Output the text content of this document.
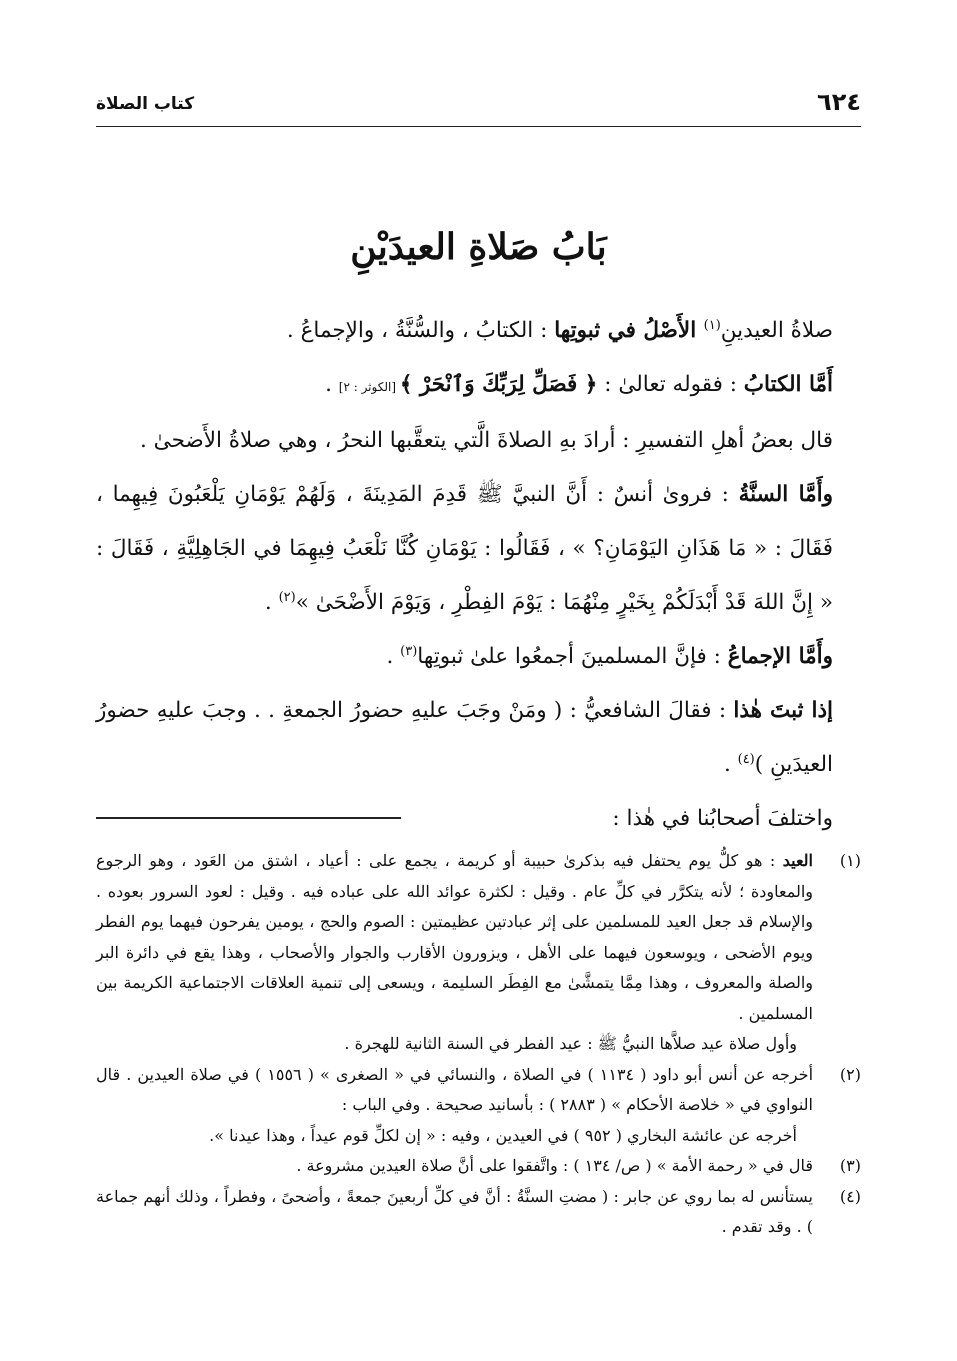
٦٢٤
كتاب الصلاة
بَابُ صَلاةِ العيدَيْنِ

صلاةُ العيدينِ$^{(١)}$ الأَصْلُ في ثبوتِها : الكتابُ ، والسُّنَّةُ ، والإجماعُ .

أَمَّا الكتابُ : فقوله تعالىٰ : ﴿ فَصَلِّ لِرَبِّكَ وَٱنْحَرْ ﴾ [الكوثر : ٢] .

قال بعضُ أهلِ التفسيرِ : أرادَ بهِ الصلاةَ الَّتي يتعقَّبها النحرُ ، وهي صلاةُ الأَضحىٰ .

وأَمَّا السنَّةُ : فروىٰ أنسٌ : أَنَّ النبيَّ ﷺ قَدِمَ المَدِينَةَ ، وَلَهُمْ يَوْمَانِ يَلْعَبُونَ فِيهِما ، فَقَالَ : « مَا هَذَانِ اليَوْمَانِ؟ » ، فَقَالُوا : يَوْمَانِ كُنَّا نَلْعَبُ فِيهِمَا في الجَاهِلِيَّةِ ، فَقَالَ : « إِنَّ اللهَ قَدْ أَبْدَلَكُمْ بِخَيْرٍ مِنْهُمَا : يَوْمَ الفِطْرِ ، وَيَوْمَ الأَضْحَىٰ »$^{(٢)}$ .

وأَمَّا الإجماعُ : فإنَّ المسلمينَ أجمعُوا علىٰ ثبوتِها$^{(٣)}$ .

إذا ثبتَ هٰذا : فقالَ الشافعيُّ : ( ومَنْ وجَبَ عليهِ حضورُ الجمعةِ . . وجبَ عليهِ حضورُ العيدَينِ )$^{(٤)}$ .

واختلفَ أصحابُنا في هٰذا :

(١)
العيد : هو كلُّ يوم يحتفل فيه بذكرىٰ حبيبة أو كريمة ، يجمع على : أعياد ، اشتق من العَود ، وهو الرجوع والمعاودة ؛ لأنه يتكرَّر في كلِّ عام . وقيل : لكثرة عوائد الله على عباده فيه . وقيل : لعود السرور بعوده . والإسلام قد جعل العيد للمسلمين على إثر عبادتين عظيمتين : الصوم والحج ، يومين يفرحون فيهما يوم الفطر ويوم الأضحى ، ويوسعون فيهما على الأهل ، ويزورون الأقارب والجوار والأصحاب ، وهذا يقع في دائرة البر والصلة والمعروف ، وهذا مِمَّا يتمشَّىٰ مع الفِطَر السليمة ، ويسعى إلى تنمية العلاقات الاجتماعية الكريمة بين المسلمين .
وأول صلاة عيد صلاَّها النبيُّ ﷺ : عيد الفطر في السنة الثانية للهجرة .
(٢)
أخرجه عن أنس أبو داود ( ١١٣٤ ) في الصلاة ، والنسائي في « الصغرى » ( ١٥٥٦ ) في صلاة العيدين . قال النواوي في « خلاصة الأحكام » ( ٢٨٨٣ ) : بأسانيد صحيحة . وفي الباب :
أخرجه عن عائشة البخاري ( ٩٥٢ ) في العيدين ، وفيه : « إن لكلِّ قوم عيداً ، وهذا عيدنا ».
(٣)
قال في « رحمة الأمة » ( ص/ ١٣٤ ) : واتَّفقوا على أنَّ صلاة العيدين مشروعة .
(٤)
يستأنس له بما روي عن جابر : ( مضتِ السنَّةُ : أنَّ في كلِّ أربعينَ جمعةً ، وأضحىً ، وفطراً ، وذلك أنهم جماعة ) . وقد تقدم .
